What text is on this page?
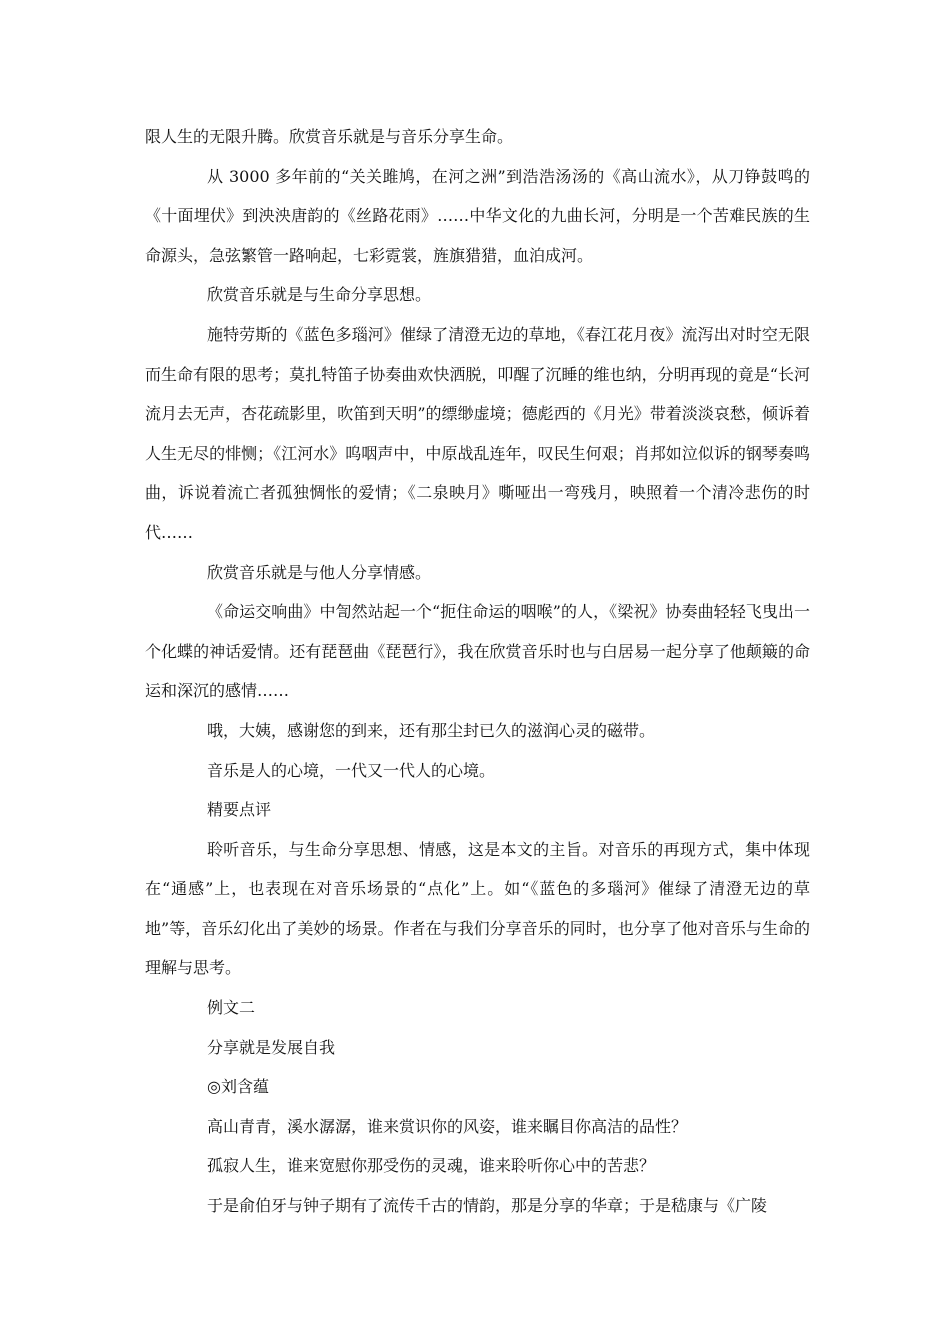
限人生的无限升腾。欣赏音乐就是与音乐分享生命。

从 3000 多年前的“关关雎鸠，在河之洲”到浩浩汤汤的《高山流水》，从刀铮鼓鸣的《十面埋伏》到泱泱唐韵的《丝路花雨》……中华文化的九曲长河，分明是一个苦难民族的生命源头，急弦繁管一路响起，七彩霓裳，旌旗猎猎，血泊成河。

欣赏音乐就是与生命分享思想。

施特劳斯的《蓝色多瑙河》催绿了清澄无边的草地，《春江花月夜》流泻出对时空无限而生命有限的思考；莫扎特笛子协奏曲欢快洒脱，叩醒了沉睡的维也纳，分明再现的竟是“长河流月去无声，杏花疏影里，吹笛到天明”的缥缈虚境；德彪西的《月光》带着淡淡哀愁，倾诉着人生无尽的悱恻；《江河水》呜咽声中，中原战乱连年，叹民生何艰；肖邦如泣似诉的钢琴奏鸣曲，诉说着流亡者孤独惆怅的爱情；《二泉映月》嘶哑出一弯残月，映照着一个清冷悲伤的时代……

欣赏音乐就是与他人分享情感。

《命运交响曲》中訇然站起一个“扼住命运的咽喉”的人，《梁祝》协奏曲轻轻飞曳出一个化蝶的神话爱情。还有琵琶曲《琵琶行》，我在欣赏音乐时也与白居易一起分享了他颠簸的命运和深沉的感情……

哦，大姨，感谢您的到来，还有那尘封已久的滋润心灵的磁带。

音乐是人的心境，一代又一代人的心境。

精要点评

聆听音乐，与生命分享思想、情感，这是本文的主旨。对音乐的再现方式，集中体现在“通感”上，也表现在对音乐场景的“点化”上。如“《蓝色的多瑙河》催绿了清澄无边的草地”等，音乐幻化出了美妙的场景。作者在与我们分享音乐的同时，也分享了他对音乐与生命的理解与思考。

例文二

分享就是发展自我

◎刘含蕴

高山青青，溪水潺潺，谁来赏识你的风姿，谁来瞩目你高洁的品性？

孤寂人生，谁来宽慰你那受伤的灵魂，谁来聆听你心中的苦悲？

于是俞伯牙与钟子期有了流传千古的情韵，那是分享的华章；于是嵇康与《广陵
